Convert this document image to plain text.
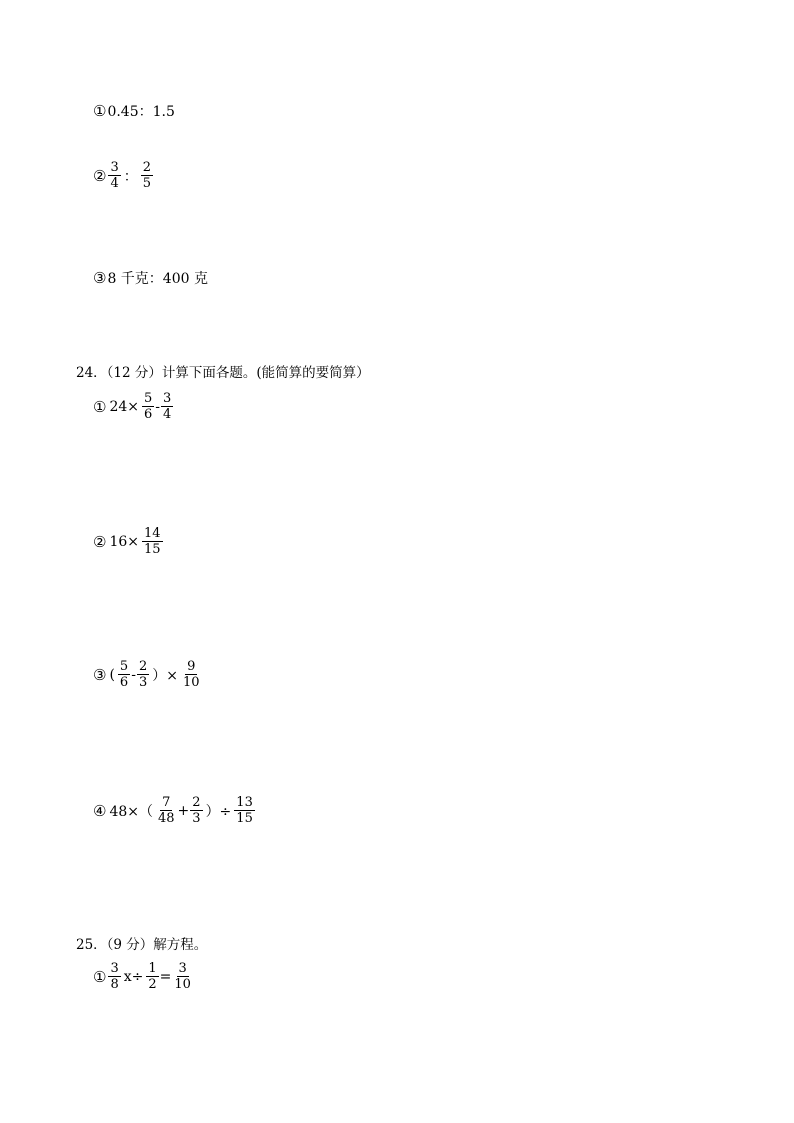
① 0.45：1.5
② $\frac{3}{4}$ ： $\frac{2}{5}$
③ 8 千克：400 克
24．（12 分）计算下面各题。(能简算的要简算）
① $24\times \frac{5}{6} - \frac{3}{4}$
② $16\times \frac{14}{15}$
③ ( $\frac{5}{6} - \frac{2}{3}$ ）× $\frac{9}{10}$
④ $48\times( \frac{7}{48} + \frac{2}{3}$ ）÷ $\frac{13}{15}$
25．（9 分）解方程。
① $\frac{3}{8} x\div \frac{1}{2} = \frac{3}{10}$
